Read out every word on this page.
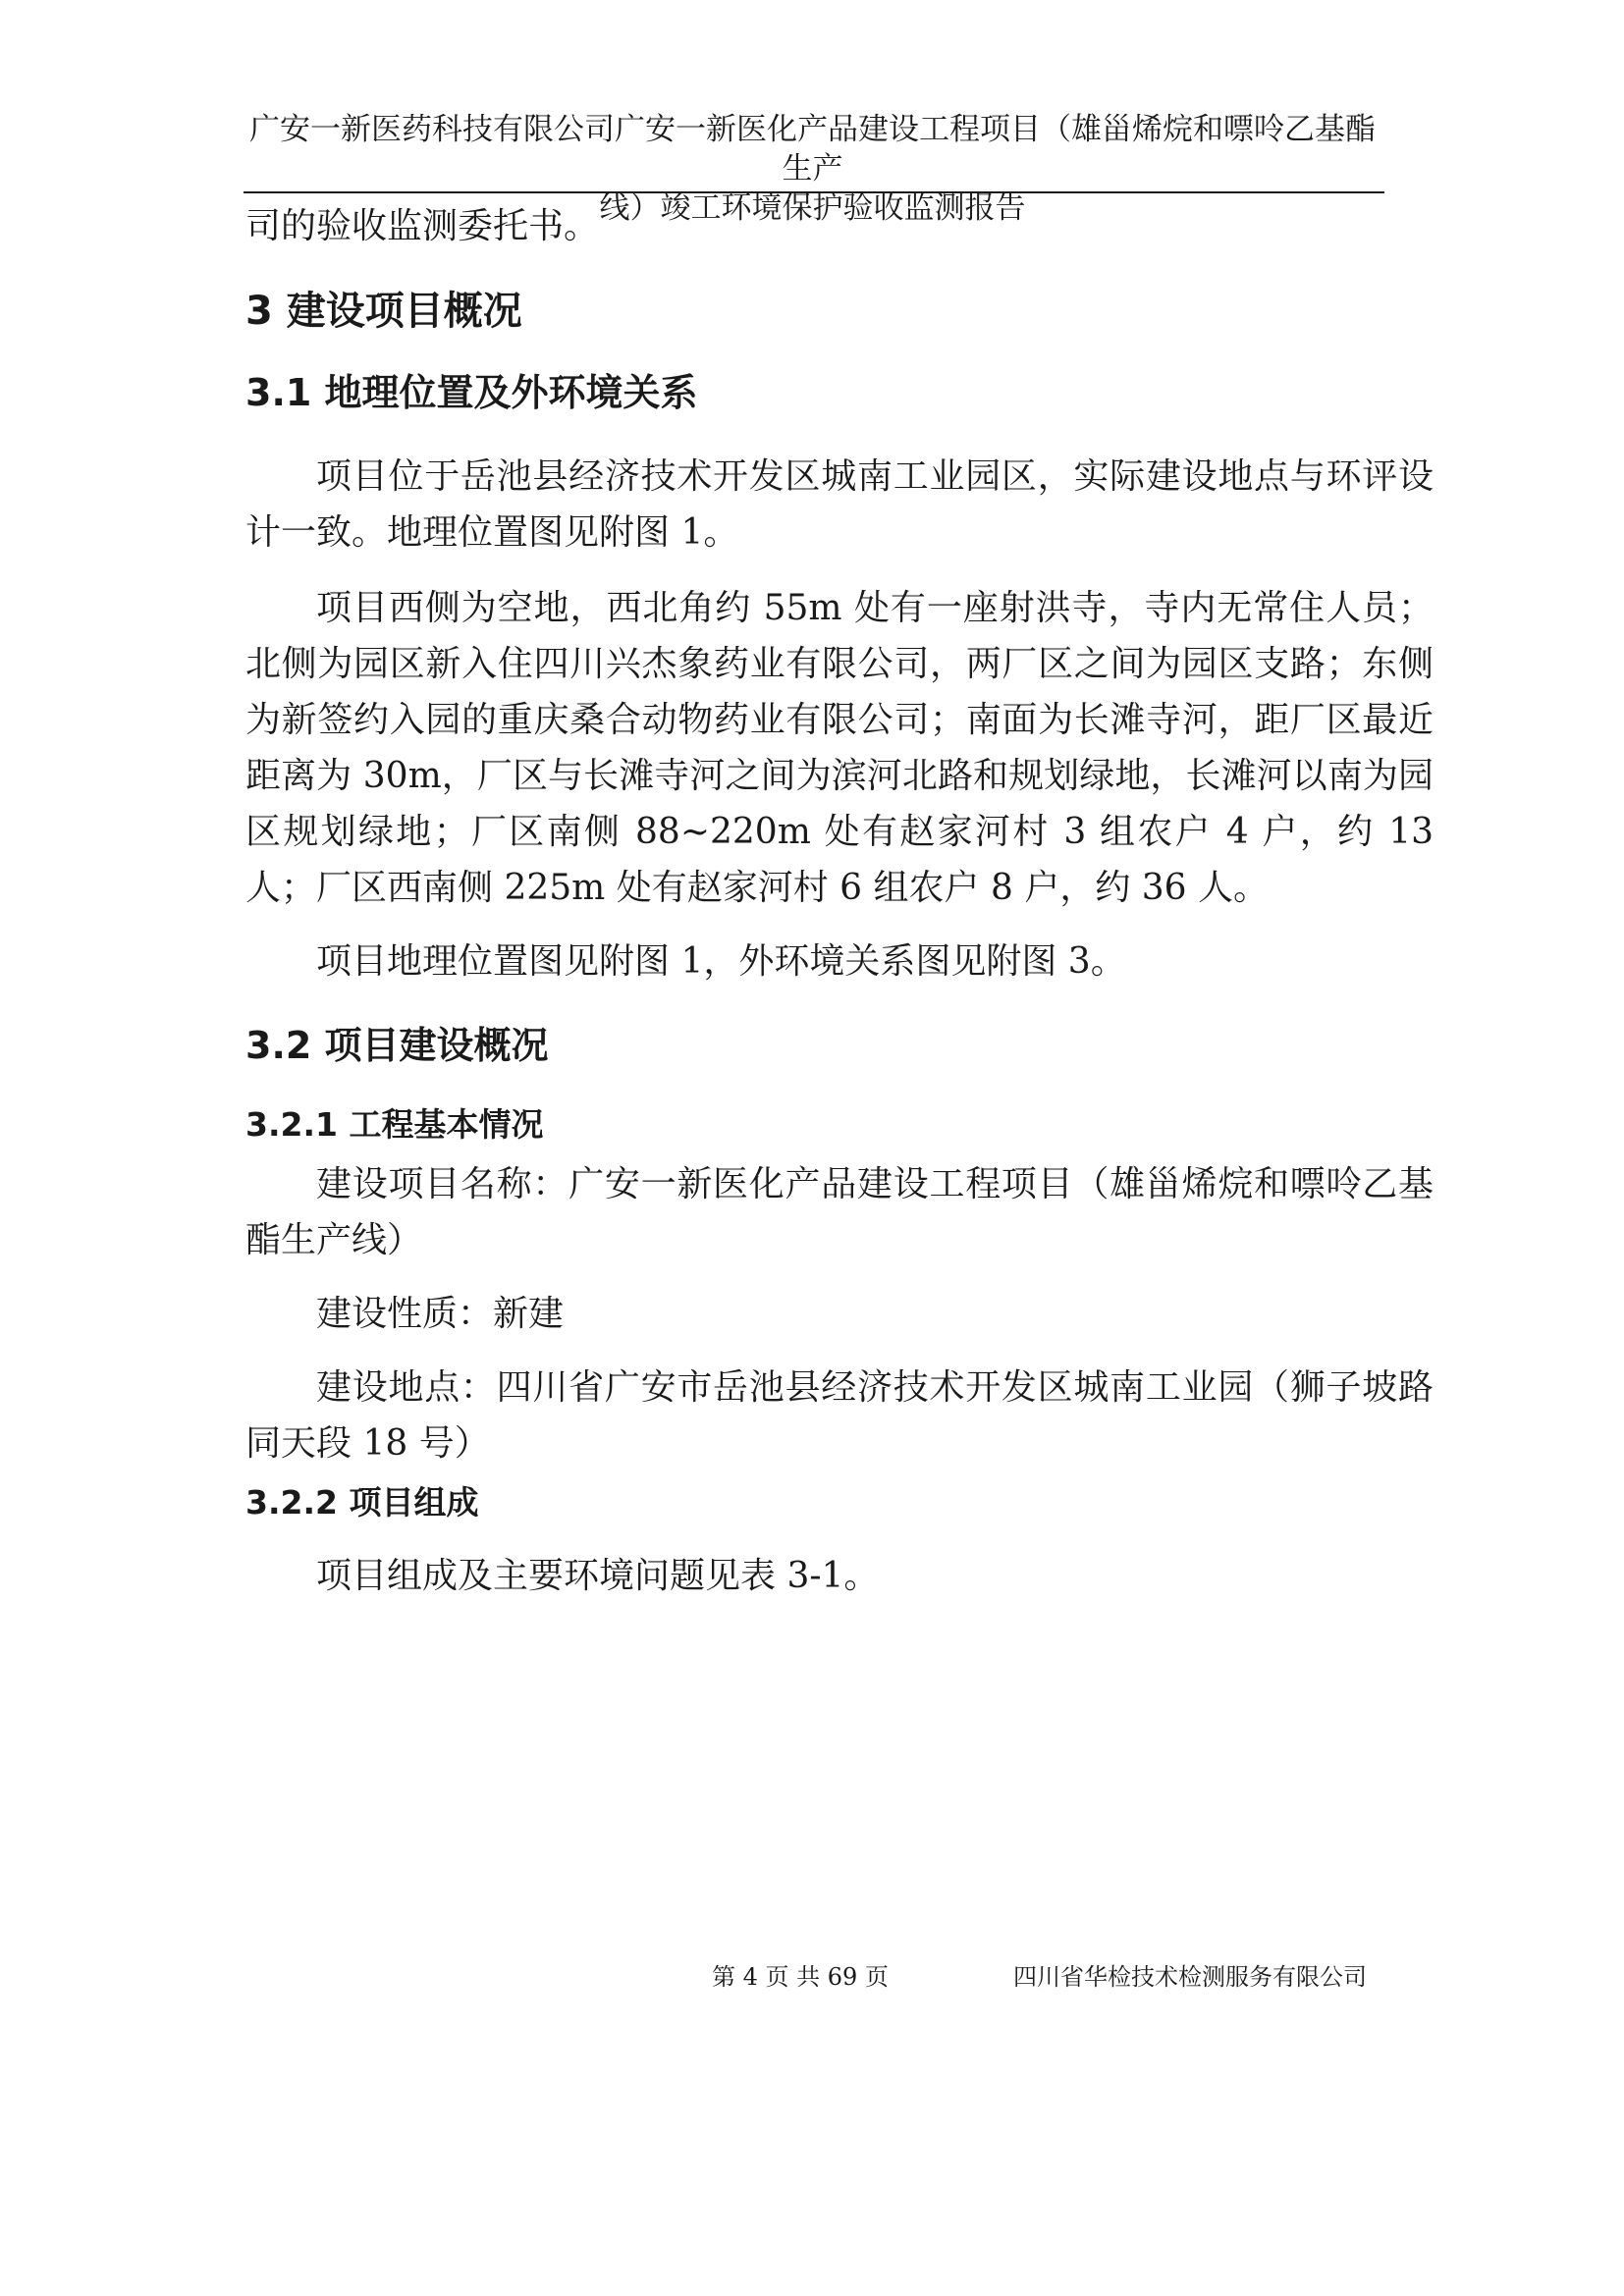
广安一新医药科技有限公司广安一新医化产品建设工程项目（雄甾烯烷和嘌呤乙基酯生产
线）竣工环境保护验收监测报告

司的验收监测委托书。

3 建设项目概况
3.1 地理位置及外环境关系

项目位于岳池县经济技术开发区城南工业园区，实际建设地点与环评设计一致。地理位置图见附图 1。

项目西侧为空地，西北角约 55m 处有一座射洪寺，寺内无常住人员；北侧为园区新入住四川兴杰象药业有限公司，两厂区之间为园区支路；东侧为新签约入园的重庆桑合动物药业有限公司；南面为长滩寺河，距厂区最近距离为 30m，厂区与长滩寺河之间为滨河北路和规划绿地，长滩河以南为园区规划绿地；厂区南侧 88~220m 处有赵家河村 3 组农户 4 户，约 13 人；厂区西南侧 225m 处有赵家河村 6 组农户 8 户，约 36 人。

项目地理位置图见附图 1，外环境关系图见附图 3。

3.2 项目建设概况
3.2.1 工程基本情况

建设项目名称：广安一新医化产品建设工程项目（雄甾烯烷和嘌呤乙基酯生产线）

建设性质：新建

建设地点：四川省广安市岳池县经济技术开发区城南工业园（狮子坡路同天段 18 号）

3.2.2 项目组成

项目组成及主要环境问题见表 3-1。

第 4 页 共 69 页	四川省华检技术检测服务有限公司
